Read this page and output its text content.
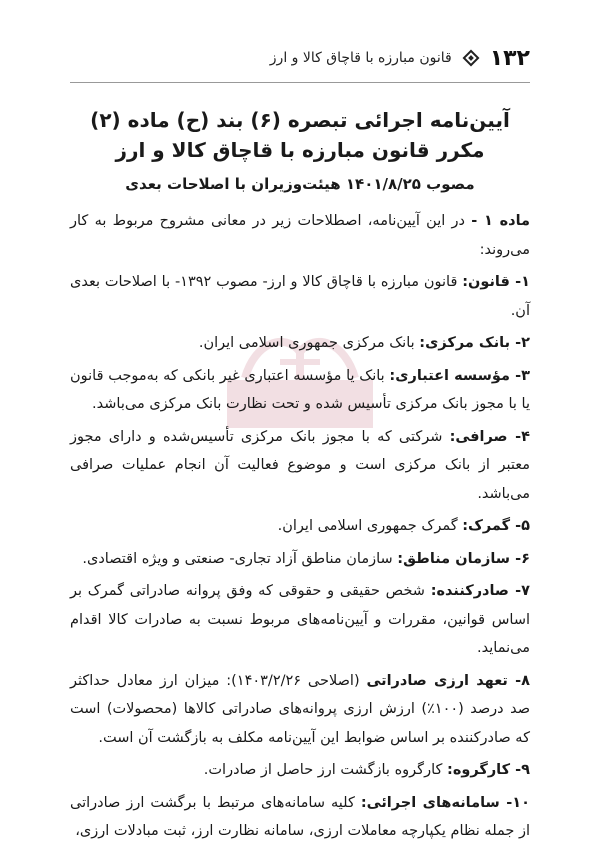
۱۳۲
قانون مبارزه با قاچاق کالا و ارز
آیین‌نامه اجرائی تبصره (۶) بند (ح) ماده (۲) مکرر قانون مبارزه با قاچاق کالا و ارز
مصوب ۱۴۰۱/۸/۲۵ هیئت‌وزیران با اصلاحات بعدی

ماده ۱ - در این آیین‌نامه، اصطلاحات زیر در معانی مشروح مربوط به کار می‌روند:

۱- قانون: قانون مبارزه با قاچاق کالا و ارز- مصوب ۱۳۹۲- با اصلاحات بعدی آن.

۲- بانک مرکزی: بانک مرکزی جمهوری اسلامی ایران.

۳- مؤسسه اعتباری: بانک یا مؤسسه اعتباری غیر بانکی که به‌موجب قانون یا با مجوز بانک مرکزی تأسیس شده و تحت نظارت بانک مرکزی می‌باشد.

۴- صرافی: شرکتی که با مجوز بانک مرکزی تأسیس‌شده و دارای مجوز معتبر از بانک مرکزی است و موضوع فعالیت آن انجام عملیات صرافی می‌باشد.

۵- گمرک: گمرک جمهوری اسلامی ایران.

۶- سازمان مناطق: سازمان مناطق آزاد تجاری- صنعتی و ویژه اقتصادی.

۷- صادرکننده: شخص حقیقی و حقوقی که وفق پروانه صادراتی گمرک بر اساس قوانین، مقررات و آیین‌نامه‌های مربوط نسبت به صادرات کالا اقدام می‌نماید.

۸- تعهد ارزی صادراتی (اصلاحی ۱۴۰۳/۲/۲۶): میزان ارز معادل حداکثر صد درصد (۱۰۰٪) ارزش ارزی پروانه‌های صادراتی کالاها (محصولات) است که صادرکننده بر اساس ضوابط این آیین‌نامه مکلف به بازگشت آن است.

۹- کارگروه: کارگروه بازگشت ارز حاصل از صادرات.

۱۰- سامانه‌های اجرائی: کلیه سامانه‌های مرتبط با برگشت ارز صادراتی از جمله نظام یکپارچه معاملات ارزی، سامانه نظارت ارز، ثبت مبادلات ارزی،
